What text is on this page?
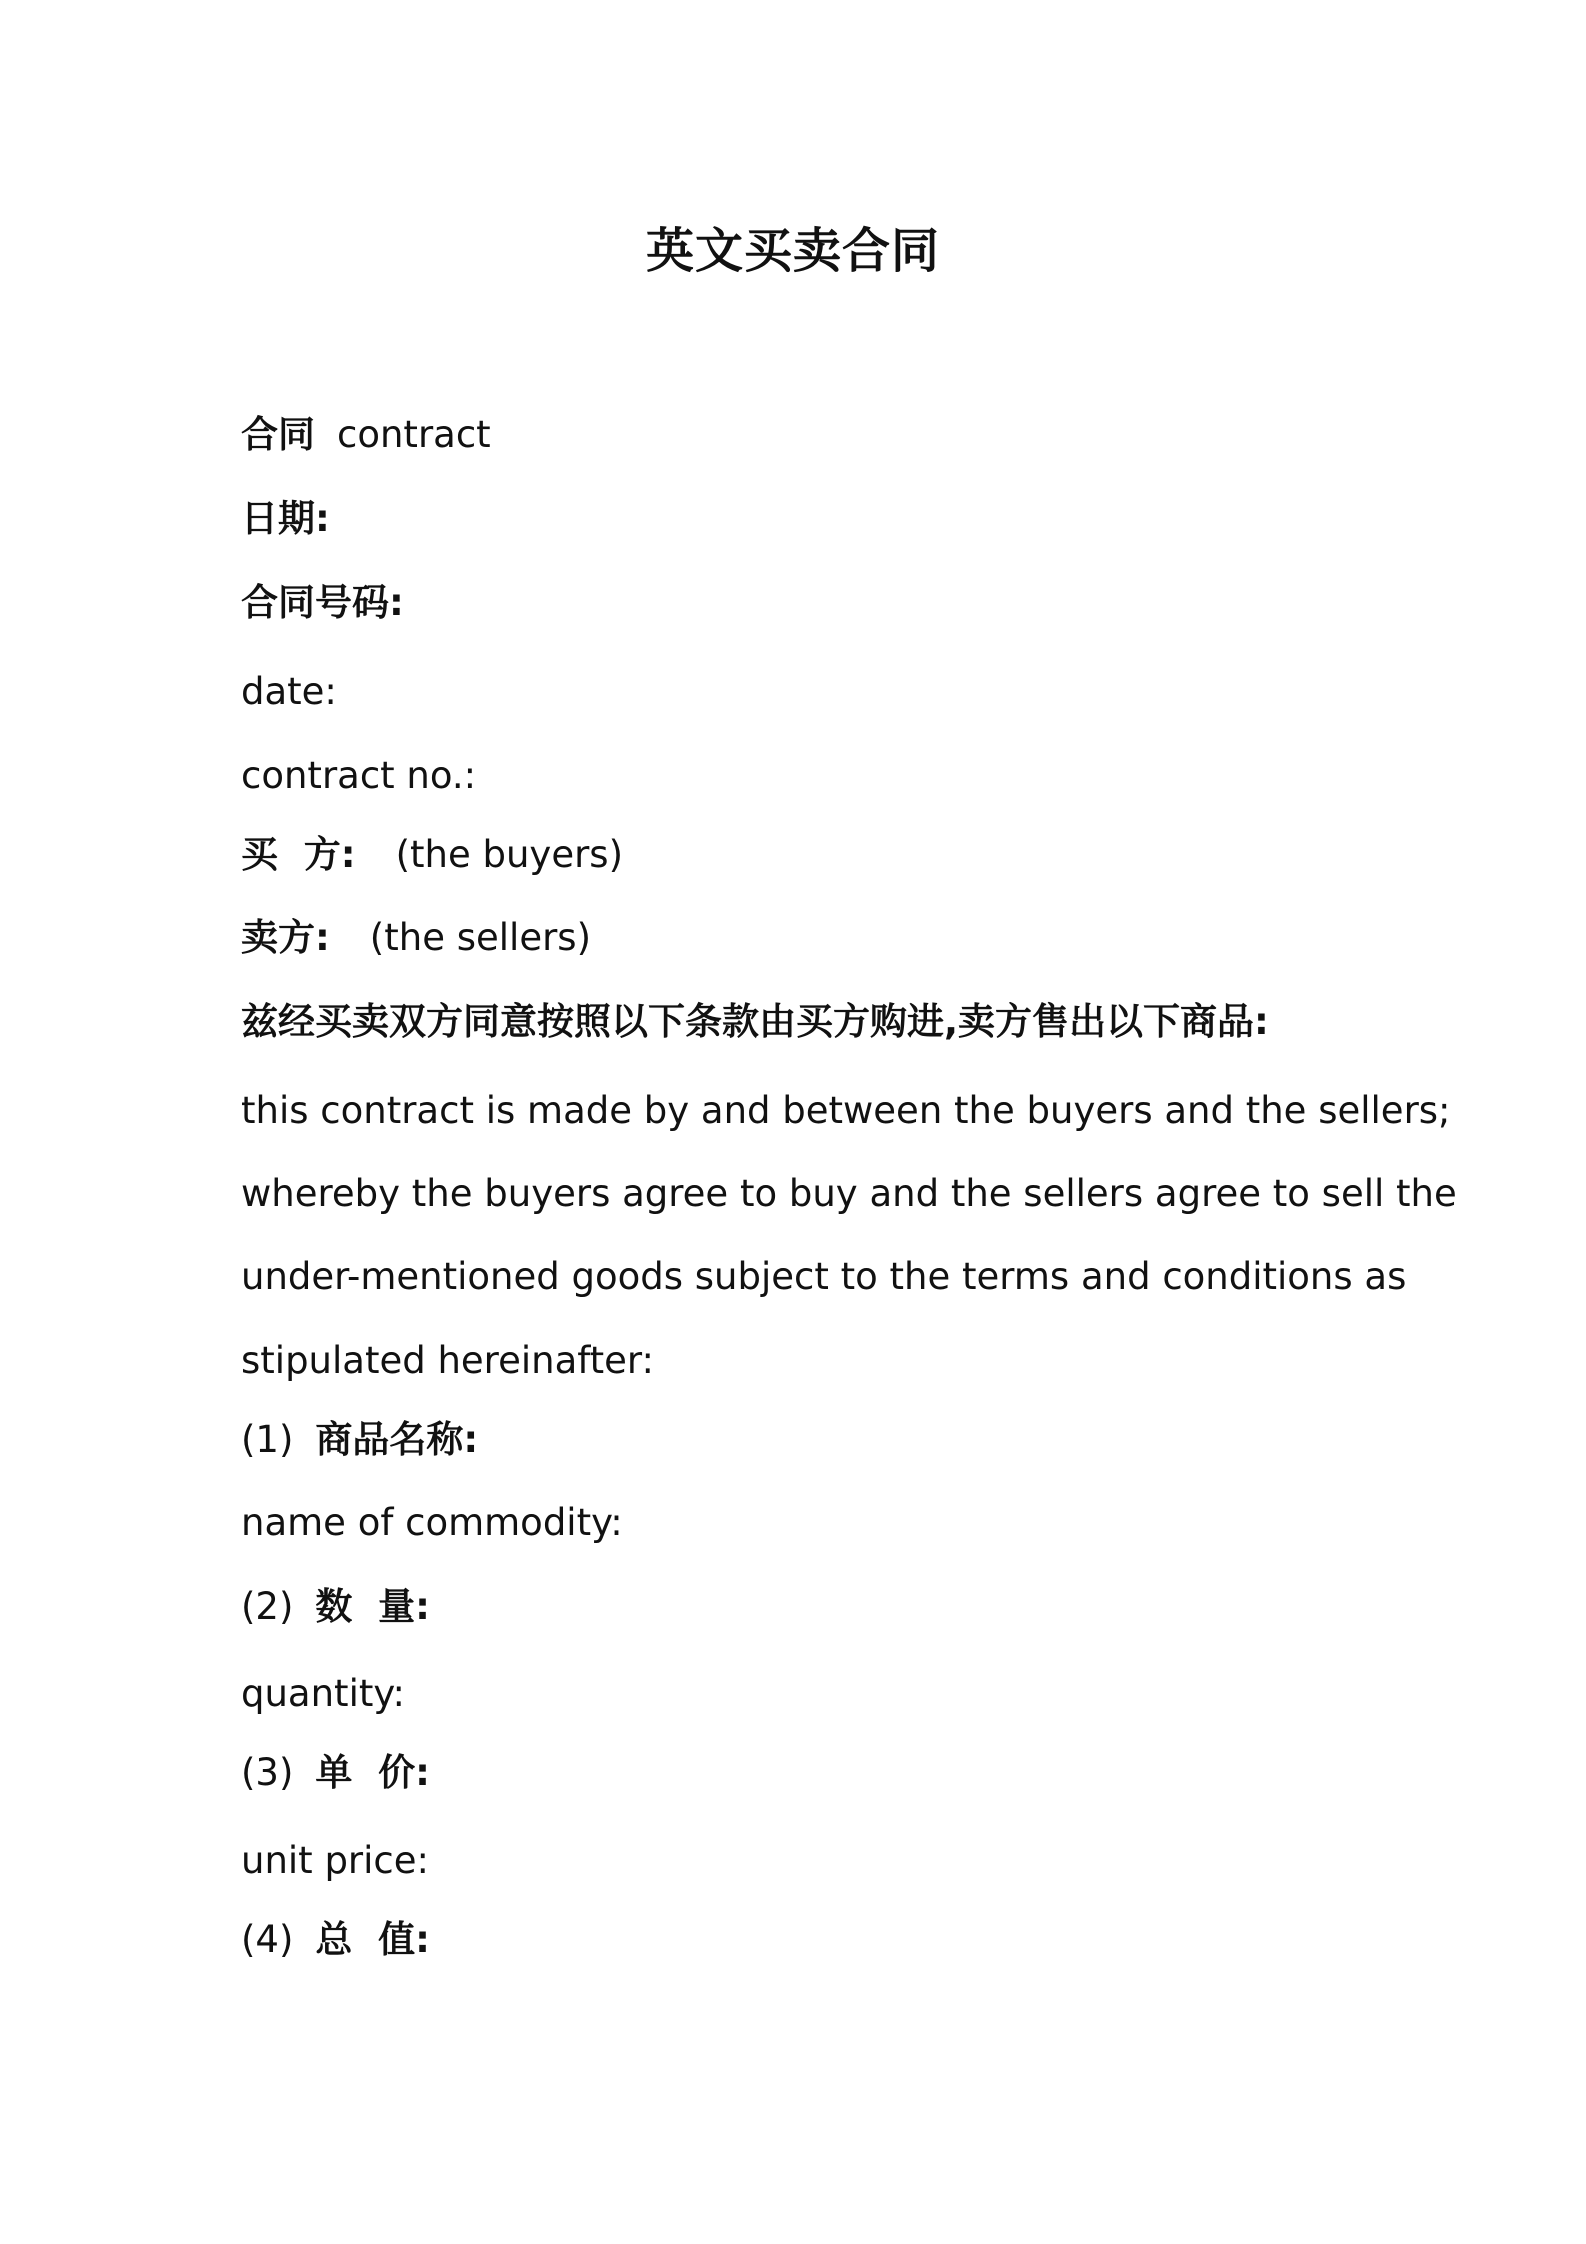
英文买卖合同
合同 contract
日期:
合同号码:
date:
contract no.:
买  方: (the buyers)
卖方: (the sellers)
兹经买卖双方同意按照以下条款由买方购进,卖方售出以下商品:
this contract is made by and between the buyers and the sellers;
whereby the buyers agree to buy and the sellers agree to sell the
under-mentioned goods subject to the terms and conditions as
stipulated hereinafter:
(1) 商品名称:
name of commodity:
(2) 数  量:
quantity:
(3) 单  价:
unit price:
(4) 总  值:
